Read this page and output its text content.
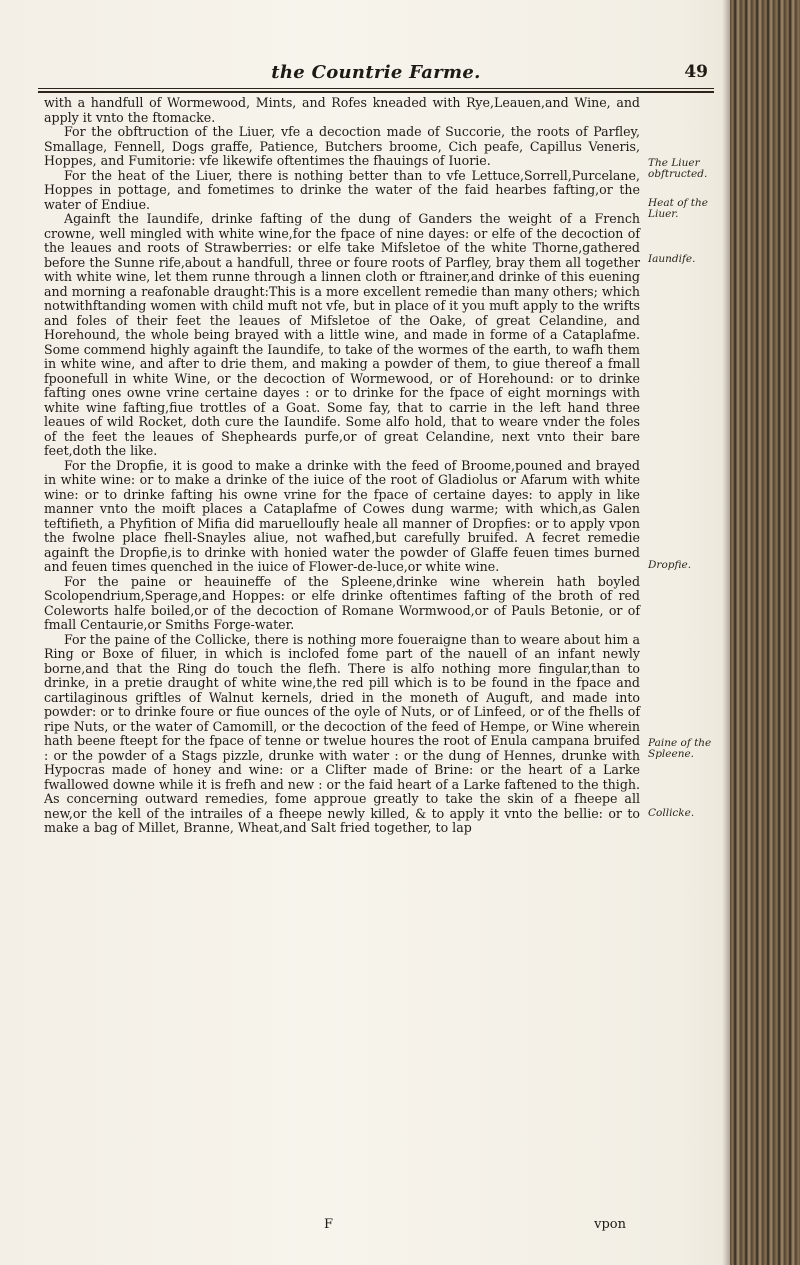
the Countrie Farme.	49

with a handfull of Wormewood, Mints, and Rofes kneaded with Rye,Leauen,and Wine, and apply it vnto the ftomacke.

For the obftruction of the Liuer, vfe a decoction made of Succorie, the roots of Parfley, Smallage, Fennell, Dogs graffe, Patience, Butchers broome, Cich peafe, Capillus Veneris, Hoppes, and Fumitorie: vfe likewife oftentimes the fhauings of Iuorie.

For the heat of the Liuer, there is nothing better than to vfe Lettuce,Sorrell,Purcelane, Hoppes in pottage, and fometimes to drinke the water of the faid hearbes fafting,or the water of Endiue.

Againft the Iaundife, drinke fafting of the dung of Ganders the weight of a French crowne, well mingled with white wine,for the fpace of nine dayes: or elfe of the decoction of the leaues and roots of Strawberries: or elfe take Mifsletoe of the white Thorne,gathered before the Sunne rife,about a handfull, three or foure roots of Parfley, bray them all together with white wine, let them runne through a linnen cloth or ftrainer,and drinke of this euening and morning a reafonable draught:This is a more excellent remedie than many others; which notwithftanding women with child muft not vfe, but in place of it you muft apply to the wrifts and foles of their feet the leaues of Mifsletoe of the Oake, of great Celandine, and Horehound, the whole being brayed with a little wine, and made in forme of a Cataplafme. Some commend highly againft the Iaundife, to take of the wormes of the earth, to wafh them in white wine, and after to drie them, and making a powder of them, to giue thereof a fmall fpoonefull in white Wine, or the decoction of Wormewood, or of Horehound: or to drinke fafting ones owne vrine certaine dayes : or to drinke for the fpace of eight mornings with white wine fafting,fiue trottles of a Goat. Some fay, that to carrie in the left hand three leaues of wild Rocket, doth cure the Iaundife. Some alfo hold, that to weare vnder the foles of the feet the leaues of Shepheards purfe,or of great Celandine, next vnto their bare feet,doth the like.

For the Dropfie, it is good to make a drinke with the feed of Broome,pouned and brayed in white wine: or to make a drinke of the iuice of the root of Gladiolus or Afarum with white wine: or to drinke fafting his owne vrine for the fpace of certaine dayes: to apply in like manner vnto the moift places a Cataplafme of Cowes dung warme; with which,as Galen teftifieth, a Phyfition of Mifia did maruelloufly heale all manner of Dropfies: or to apply vpon the fwolne place fhell-Snayles aliue, not wafhed,but carefully bruifed. A fecret remedie againft the Dropfie,is to drinke with honied water the powder of Glaffe feuen times burned and feuen times quenched in the iuice of Flower-de-luce,or white wine.

For the paine or heauineffe of the Spleene,drinke wine wherein hath boyled Scolopendrium,Sperage,and Hoppes: or elfe drinke oftentimes fafting of the broth of red Coleworts halfe boiled,or of the decoction of Romane Wormwood,or of Pauls Betonie, or of fmall Centaurie,or Smiths Forge-water.

For the paine of the Collicke, there is nothing more foueraigne than to weare about him a Ring or Boxe of filuer, in which is inclofed fome part of the nauell of an infant newly borne,and that the Ring do touch the flefh. There is alfo nothing more fingular,than to drinke, in a pretie draught of white wine,the red pill which is to be found in the fpace and cartilaginous griftles of Walnut kernels, dried in the moneth of Auguft, and made into powder: or to drinke foure or fiue ounces of the oyle of Nuts, or of Linfeed, or of the fhells of ripe Nuts, or the water of Camomill, or the decoction of the feed of Hempe, or Wine wherein hath beene fteept for the fpace of tenne or twelue houres the root of Enula campana bruifed : or the powder of a Stags pizzle, drunke with water : or the dung of Hennes, drunke with Hypocras made of honey and wine: or a Clifter made of Brine: or the heart of a Larke fwallowed downe while it is frefh and new : or the faid heart of a Larke faftened to the thigh. As concerning outward remedies, fome approue greatly to take the skin of a fheepe all new,or the kell of the intrailes of a fheepe newly killed, & to apply it vnto the bellie: or to make a bag of Millet, Branne, Wheat,and Salt fried together, to lap

The Liuer obftructed.
Heat of the Liuer.
Iaundife.
Dropfie.
Paine of the Spleene.
Collicke.
F	vpon
